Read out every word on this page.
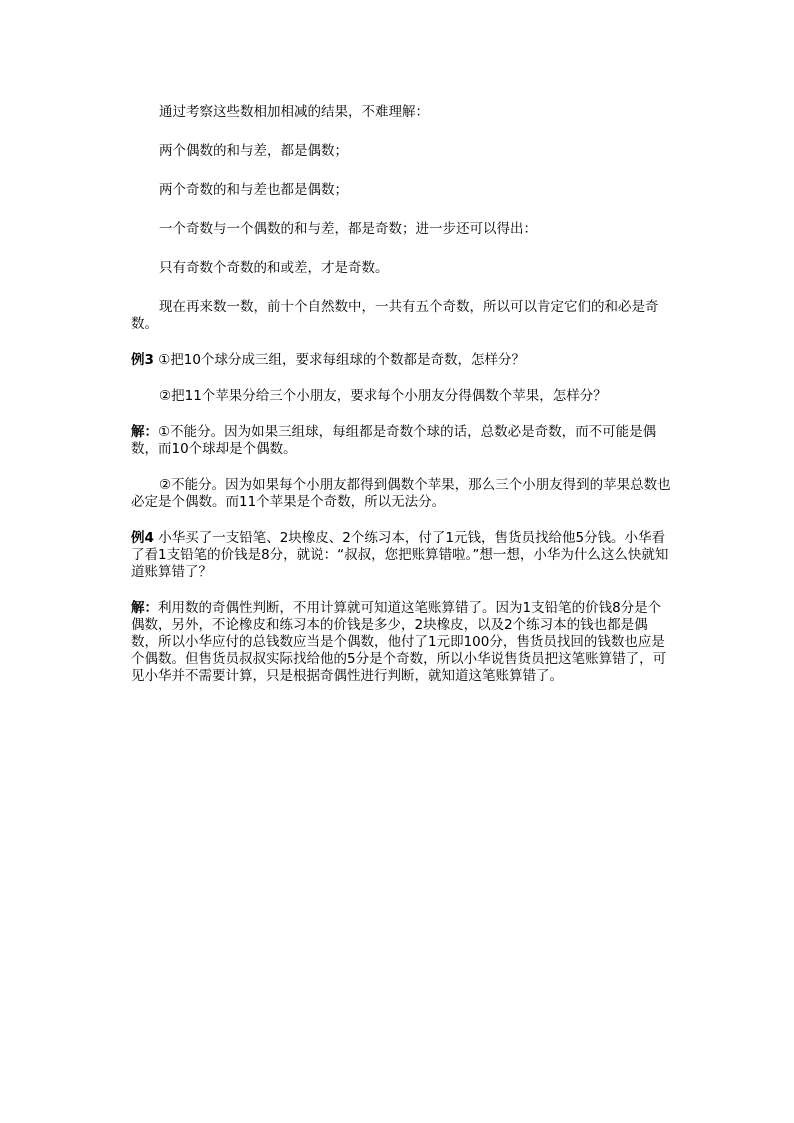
通过考察这些数相加相减的结果，不难理解：

两个偶数的和与差，都是偶数；

两个奇数的和与差也都是偶数；

一个奇数与一个偶数的和与差，都是奇数；进一步还可以得出：

只有奇数个奇数的和或差，才是奇数。

现在再来数一数，前十个自然数中，一共有五个奇数，所以可以肯定它们的和必是奇数。

例3 ①把10个球分成三组，要求每组球的个数都是奇数，怎样分？

②把11个苹果分给三个小朋友，要求每个小朋友分得偶数个苹果，怎样分？

解：①不能分。因为如果三组球，每组都是奇数个球的话，总数必是奇数，而不可能是偶数，而10个球却是个偶数。

②不能分。因为如果每个小朋友都得到偶数个苹果，那么三个小朋友得到的苹果总数也必定是个偶数。而11个苹果是个奇数，所以无法分。

例4 小华买了一支铅笔、2块橡皮、2个练习本，付了1元钱，售货员找给他5分钱。小华看了看1支铅笔的价钱是8分，就说：“叔叔，您把账算错啦。”想一想，小华为什么这么快就知道账算错了？

解：利用数的奇偶性判断，不用计算就可知道这笔账算错了。因为1支铅笔的价钱8分是个偶数，另外，不论橡皮和练习本的价钱是多少，2块橡皮，以及2个练习本的钱也都是偶数，所以小华应付的总钱数应当是个偶数，他付了1元即100分，售货员找回的钱数也应是个偶数。但售货员叔叔实际找给他的5分是个奇数，所以小华说售货员把这笔账算错了，可见小华并不需要计算，只是根据奇偶性进行判断，就知道这笔账算错了。
